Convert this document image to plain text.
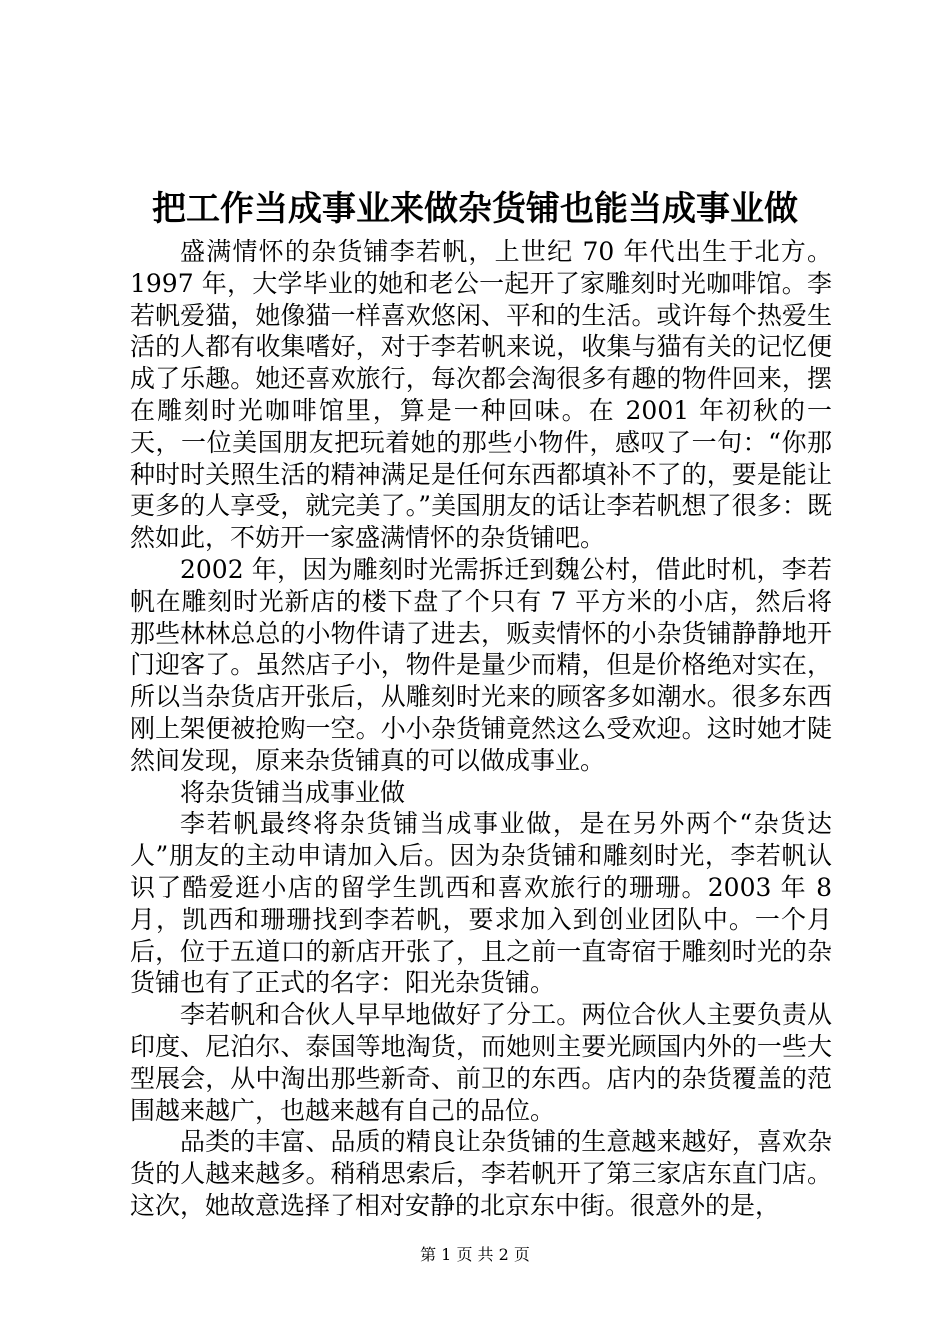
把工作当成事业来做杂货铺也能当成事业做

盛满情怀的杂货铺李若帆，上世纪 70 年代出生于北方。1997 年，大学毕业的她和老公一起开了家雕刻时光咖啡馆。李若帆爱猫，她像猫一样喜欢悠闲、平和的生活。或许每个热爱生活的人都有收集嗜好，对于李若帆来说，收集与猫有关的记忆便成了乐趣。她还喜欢旅行，每次都会淘很多有趣的物件回来，摆在雕刻时光咖啡馆里，算是一种回味。在 2001 年初秋的一天，一位美国朋友把玩着她的那些小物件，感叹了一句：“你那种时时关照生活的精神满足是任何东西都填补不了的，要是能让更多的人享受，就完美了。”美国朋友的话让李若帆想了很多：既然如此，不妨开一家盛满情怀的杂货铺吧。

2002 年，因为雕刻时光需拆迁到魏公村，借此时机，李若帆在雕刻时光新店的楼下盘了个只有 7 平方米的小店，然后将那些林林总总的小物件请了进去，贩卖情怀的小杂货铺静静地开门迎客了。虽然店子小，物件是量少而精，但是价格绝对实在，所以当杂货店开张后，从雕刻时光来的顾客多如潮水。很多东西刚上架便被抢购一空。小小杂货铺竟然这么受欢迎。这时她才陡然间发现，原来杂货铺真的可以做成事业。

将杂货铺当成事业做

李若帆最终将杂货铺当成事业做，是在另外两个“杂货达人”朋友的主动申请加入后。因为杂货铺和雕刻时光，李若帆认识了酷爱逛小店的留学生凯西和喜欢旅行的珊珊。2003 年 8 月，凯西和珊珊找到李若帆，要求加入到创业团队中。一个月后，位于五道口的新店开张了，且之前一直寄宿于雕刻时光的杂货铺也有了正式的名字：阳光杂货铺。

李若帆和合伙人早早地做好了分工。两位合伙人主要负责从印度、尼泊尔、泰国等地淘货，而她则主要光顾国内外的一些大型展会，从中淘出那些新奇、前卫的东西。店内的杂货覆盖的范围越来越广，也越来越有自己的品位。

品类的丰富、品质的精良让杂货铺的生意越来越好，喜欢杂货的人越来越多。稍稍思索后，李若帆开了第三家店东直门店。这次，她故意选择了相对安静的北京东中街。很意外的是，

第 1 页 共 2 页
